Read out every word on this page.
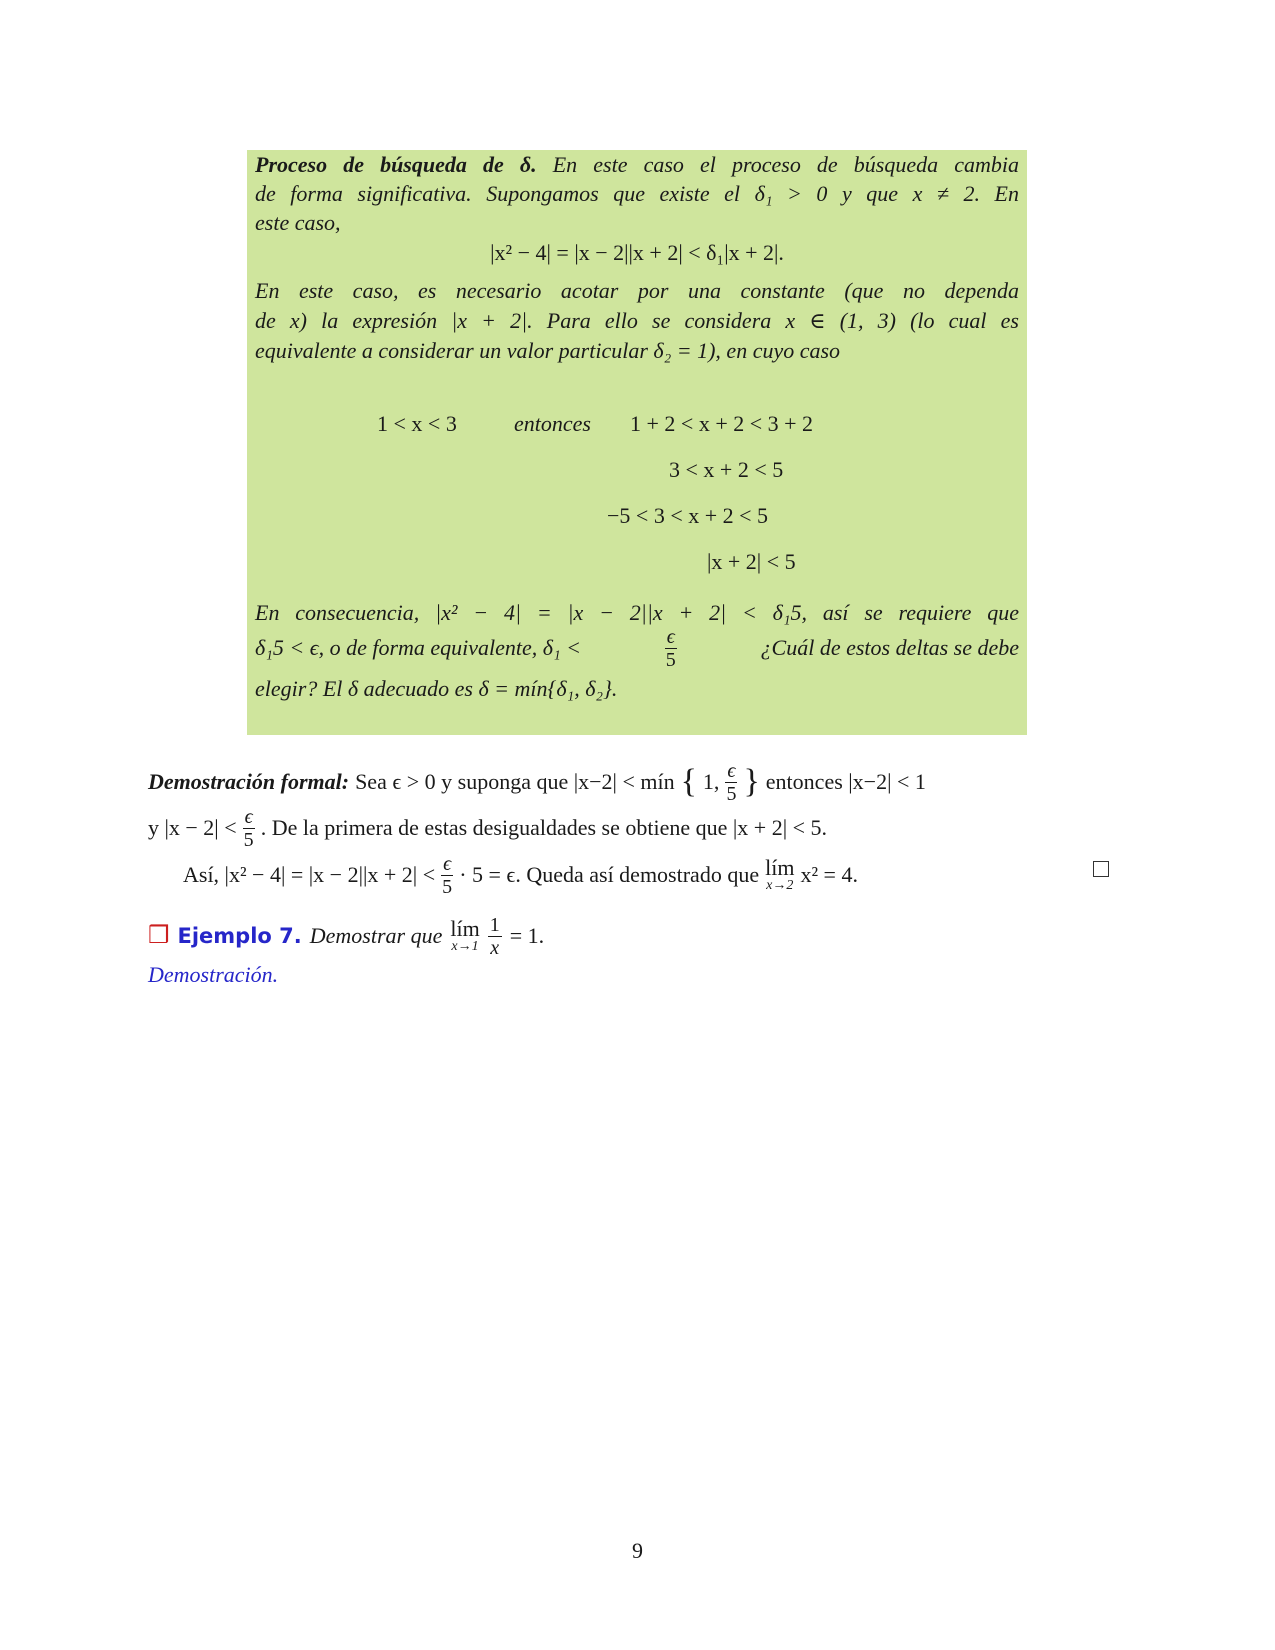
Proceso de búsqueda de δ. En este caso el proceso de búsqueda cambia
de forma significativa. Supongamos que existe el δ₁ > 0 y que x ≠ 2. En
este caso,
|x² − 4| = |x − 2||x + 2| < δ₁|x + 2|.
En este caso, es necesario acotar por una constante (que no dependa
de x) la expresión |x + 2|. Para ello se considera x ∈ (1, 3) (lo cual es
equivalente a considerar un valor particular δ₂ = 1), en cuyo caso
1 < x < 3	entonces 1 + 2 < x + 2 < 3 + 2
3 < x + 2 < 5
−5 < 3 < x + 2 < 5
|x + 2| < 5
En consecuencia, |x² − 4| = |x − 2||x + 2| < δ₁5, así se requiere que
δ₁5 < ϵ, o de forma equivalente, δ₁ <	$\frac{\epsilon}{5}$	¿Cuál de estos deltas se debe
elegir? El δ adecuado es δ = mín{δ₁, δ₂}.
Demostración formal: Sea ϵ > 0 y suponga que |x−2| < mín { 1, $\frac{\epsilon}{5}$ } entonces |x−2| < 1
y $|x - 2| < \frac{\epsilon}{5}$ . De la primera de estas desigualdades se obtiene que |x + 2| < 5.
Así, $|x^2 - 4| = |x - 2||x + 2| < \frac{\epsilon}{5} \cdot 5 = \epsilon$. Queda así demostrado que lím
x→2 x² = 4.
❒ Ejemplo 7. Demostrar que lím
$x\to 1 \frac{1}{x} = 1$.
Demostración.
9
